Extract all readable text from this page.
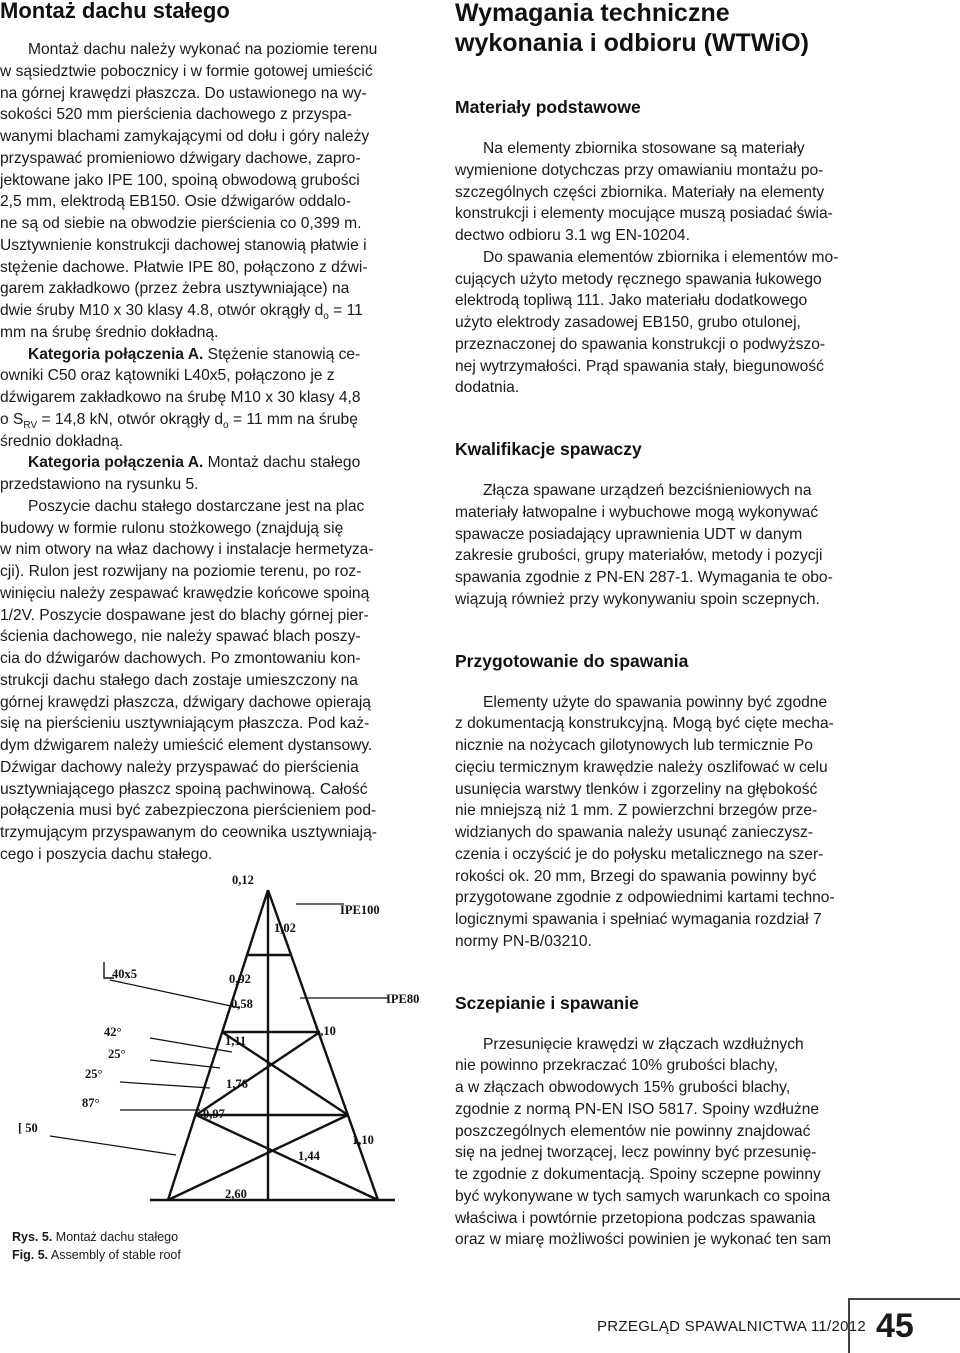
Montaż dachu stałego

Montaż dachu należy wykonać na poziomie terenu

w sąsiedztwie pobocznicy i w formie gotowej umieścić

na górnej krawędzi płaszcza. Do ustawionego na wy-

sokości 520 mm pierścienia dachowego z przyspa-

wanymi blachami zamykającymi od dołu i góry należy

przyspawać promieniowo dźwigary dachowe, zapro-

jektowane jako IPE 100, spoiną obwodową grubości

2,5 mm, elektrodą EB150. Osie dźwigarów oddalo-

ne są od siebie na obwodzie pierścienia co 0,399 m.

Usztywnienie konstrukcji dachowej stanowią płatwie i

stężenie dachowe. Płatwie IPE 80, połączono z dźwi-

garem zakładkowo (przez żebra usztywniające) na

dwie śruby M10 x 30 klasy 4.8, otwór okrągły $d_o = 11$

mm na śrubę średnio dokładną.

Kategoria połączenia A. Stężenie stanowią ce-

owniki C50 oraz kątowniki L40x5, połączono je z

dźwigarem zakładkowo na śrubę M10 x 30 klasy 4,8

o $S_{RV} = 14,8$ kN, otwór okrągły $d_o = 11$ mm na śrubę

średnio dokładną.

Kategoria połączenia A. Montaż dachu stałego

przedstawiono na rysunku 5.

Poszycie dachu stałego dostarczane jest na plac

budowy w formie rulonu stożkowego (znajdują się

w nim otwory na właz dachowy i instalacje hermetyza-

cji). Rulon jest rozwijany na poziomie terenu, po roz-

winięciu należy zespawać krawędzie końcowe spoiną

1/2V. Poszycie dospawane jest do blachy górnej pier-

ścienia dachowego, nie należy spawać blach poszy-

cia do dźwigarów dachowych. Po zmontowaniu kon-

strukcji dachu stałego dach zostaje umieszczony na

górnej krawędzi płaszcza, dźwigary dachowe opierają

się na pierścieniu usztywniającym płaszcza. Pod każ-

dym dźwigarem należy umieścić element dystansowy.

Dźwigar dachowy należy przyspawać do pierścienia

usztywniającego płaszcz spoiną pachwinową. Całość

połączenia musi być zabezpieczona pierścieniem pod-

trzymującym przyspawanym do ceownika usztywniają-

cego i poszycia dachu stałego.

0,12
IPE100
1,02
40x5	0,92
0,58	IPE80
42°
25°
25°
87°
1,11
1,10
1,76
0,97
[ 50
1,10
1,44
2,60
Rys. 5. Montaż dachu stałego
Fig. 5. Assembly of stable roof
Wymagania techniczne wykonania i odbioru (WTWiO)
Materiały podstawowe

Na elementy zbiornika stosowane są materiały

wymienione dotychczas przy omawianiu montażu po-

szczególnych części zbiornika. Materiały na elementy

konstrukcji i elementy mocujące muszą posiadać świa-

dectwo odbioru 3.1 wg EN-10204.

Do spawania elementów zbiornika i elementów mo-

cujących użyto metody ręcznego spawania łukowego

elektrodą topliwą 111. Jako materiału dodatkowego

użyto elektrody zasadowej EB150, grubo otulonej,

przeznaczonej do spawania konstrukcji o podwyższo-

nej wytrzymałości. Prąd spawania stały, biegunowość

dodatnia.

Kwalifikacje spawaczy

Złącza spawane urządzeń bezciśnieniowych na

materiały łatwopalne i wybuchowe mogą wykonywać

spawacze posiadający uprawnienia UDT w danym

zakresie grubości, grupy materiałów, metody i pozycji

spawania zgodnie z PN-EN 287-1. Wymagania te obo-

wiązują również przy wykonywaniu spoin sczepnych.

Przygotowanie do spawania

Elementy użyte do spawania powinny być zgodne

z dokumentacją konstrukcyjną. Mogą być cięte mecha-

nicznie na nożycach gilotynowych lub termicznie Po

cięciu termicznym krawędzie należy oszlifować w celu

usunięcia warstwy tlenków i zgorzeliny na głębokość

nie mniejszą niż 1 mm. Z powierzchni brzegów prze-

widzianych do spawania należy usunąć zanieczysz-

czenia i oczyścić je do połysku metalicznego na szer-

rokości ok. 20 mm, Brzegi do spawania powinny być

przygotowane zgodnie z odpowiednimi kartami techno-

logicznymi spawania i spełniać wymagania rozdział 7

normy PN-B/03210.

Sczepianie i spawanie

Przesunięcie krawędzi w złączach wzdłużnych

nie powinno przekraczać 10% grubości blachy,

a w złączach obwodowych 15% grubości blachy,

zgodnie z normą PN-EN ISO 5817. Spoiny wzdłużne

poszczególnych elementów nie powinny znajdować

się na jednej tworzącej, lecz powinny być przesunię-

te zgodnie z dokumentacją. Spoiny sczepne powinny

być wykonywane w tych samych warunkach co spoina

właściwa i powtórnie przetopiona podczas spawania

oraz w miarę możliwości powinien je wykonać ten sam

PRZEGLĄD SPAWALNICTWA 11/2012 45
